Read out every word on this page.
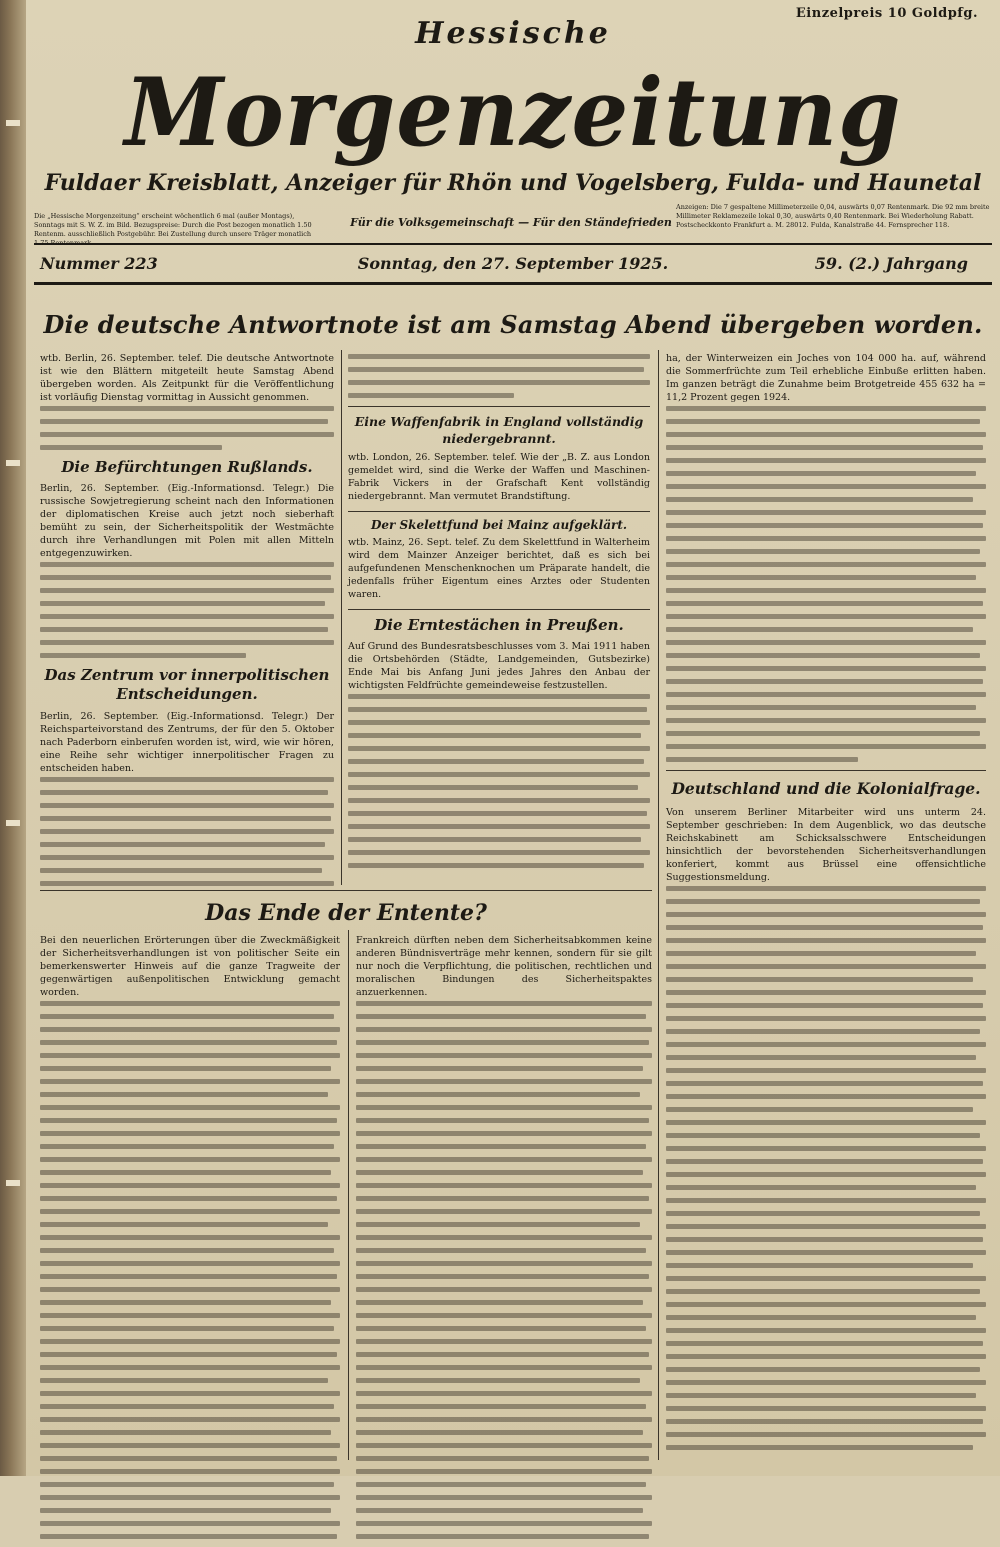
Einzelpreis 10 Goldpfg.
Hessische
Morgenzeitung
Fuldaer Kreisblatt, Anzeiger für Rhön und Vogelsberg, Fulda- und Haunetal
Die „Hessische Morgenzeitung“ erscheint wöchentlich 6 mal (außer Montags), Sonntags mit S. W. Z. im Bild. Bezugspreise: Durch die Post bezogen monatlich 1.50 Rentenm. ausschließlich Postgebühr. Bei Zustellung durch unsere Träger monatlich
Für die Volksgemeinschaft — Für den Ständefrieden
Anzeigen: Die 7 gespaltene Millimeterzeile 0,04, auswärts 0,07 Rentenmark. Die 92 mm breite Millimeter Reklamezeile lokal 0,30, auswärts 0,40 Rentenmark. Bei Wiederholung Rabatt. Postscheckkonto Frankfurt a. M. 28012. Fulda, Kanalstraße 44. Fernsprecher 118.
Nummer 223	Sonntag, den 27. September 1925.	59. (2.) Jahrgang
Die deutsche Antwortnote ist am Samstag Abend übergeben worden.
wtb. Berlin, 26. September. telef. Die deutsche Antwortnote ist wie den Blättern mitgeteilt heute Samstag Abend übergeben worden. Als Zeitpunkt für die Veröffentlichung ist vorläufig Dienstag vormittag in Aussicht genommen.
Die Befürchtungen Rußlands.
Berlin, 26. September. (Eig.-Informationsd. Telegr.) Die russische Sowjetregierung scheint nach den Informationen der diplomatischen Kreise auch jetzt noch sieberhaft bemüht zu sein, der Sicherheitspolitik der Westmächte durch ihre Verhandlungen mit Polen mit allen Mitteln entgegenzuwirken.
Das Zentrum vor innerpolitischen Entscheidungen.
Berlin, 26. September. (Eig.-Informationsd. Telegr.) Der Reichsparteivorstand des Zentrums, der für den 5. Oktober nach Paderborn einberufen worden ist, wird, wie wir hören, eine Reihe sehr wichtiger innerpolitischer Fragen zu entscheiden haben.
Eine Waffenfabrik in England vollständig niedergebrannt.
wtb. London, 26. September. telef. Wie der „B. Z. aus London gemeldet wird, sind die Werke der Waffen und Maschinen-Fabrik Vickers in der Grafschaft Kent vollständig niedergebrannt. Man vermutet Brandstiftung.
Der Skelettfund bei Mainz aufgeklärt.
wtb. Mainz, 26. Sept. telef. Zu dem Skelettfund in Walterheim wird dem Mainzer Anzeiger berichtet, daß es sich bei aufgefundenen Menschenknochen um Präparate handelt, die jedenfalls früher Eigentum eines Arztes oder Studenten waren.
Die Erntestächen in Preußen.
Auf Grund des Bundesratsbeschlusses vom 3. Mai 1911 haben die Ortsbehörden (Städte, Landgemeinden, Gutsbezirke) Ende Mai bis Anfang Juni jedes Jahres den Anbau der wichtigsten Feldfrüchte gemeindeweise festzustellen.
ha, der Winterweizen ein Joches von 104 000 ha. auf, während die Sommerfrüchte zum Teil erhebliche Einbuße erlitten haben. Im ganzen beträgt die Zunahme beim Brotgetreide 455 632 ha = 11,2 Prozent gegen 1924.
Deutschland und die Kolonialfrage.
Von unserem Berliner Mitarbeiter wird uns unterm 24. September geschrieben: In dem Augenblick, wo das deutsche Reichskabinett am Schicksalsschwere Entscheidungen hinsichtlich der bevorstehenden Sicherheitsverhandlungen konferiert, kommt aus Brüssel eine offensichtliche Suggestionsmeldung.
Das Ende der Entente?
Bei den neuerlichen Erörterungen über die Zweckmäßigkeit der Sicherheitsverhandlungen ist von politischer Seite ein bemerkenswerter Hinweis auf die ganze Tragweite der gegenwärtigen außenpolitischen Entwicklung gemacht worden.
Frankreich dürften neben dem Sicherheitsabkommen keine anderen Bündnisverträge mehr kennen, sondern für sie gilt nur noch die Verpflichtung, die politischen, rechtlichen und moralischen Bindungen des Sicherheitspaktes anzuerkennen.
